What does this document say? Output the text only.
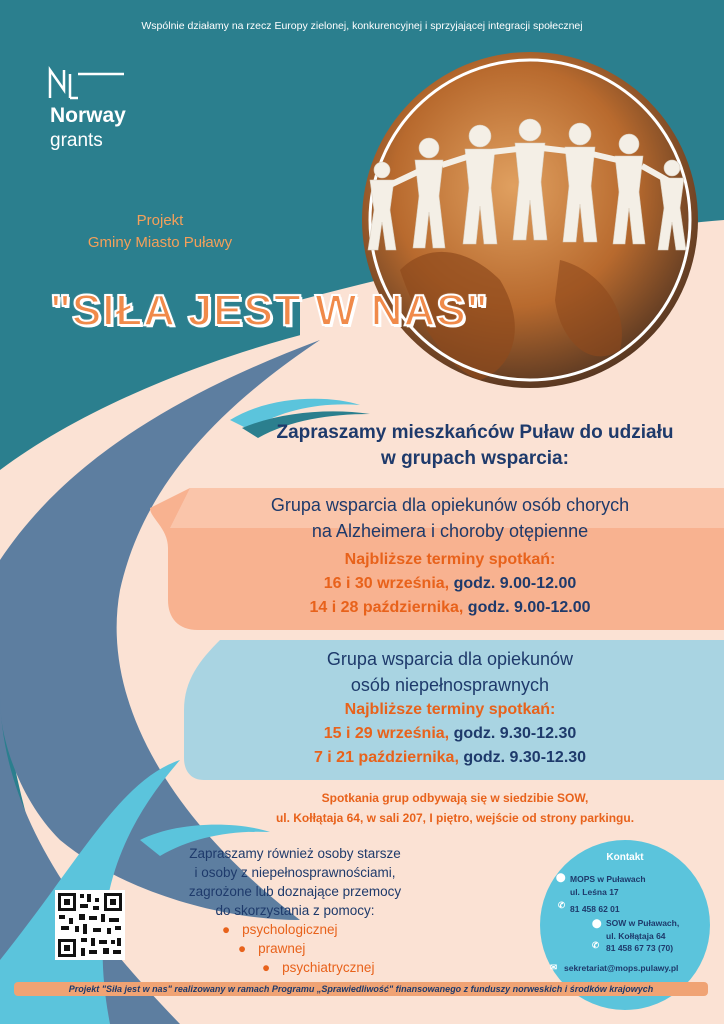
Wspólnie działamy na rzecz Europy zielonej, konkurencyjnej i sprzyjającej integracji społecznej
Norway
grants
Projekt
Gminy Miasto Puławy
"SIŁA JEST W NAS"
Zapraszamy mieszkańców Puław do udziału
w grupach wsparcia:
Grupa wsparcia dla opiekunów osób chorych
na Alzheimera i choroby otępienne
Najbliższe terminy spotkań:
16 i 30 września, godz. 9.00-12.00
14 i 28 października, godz. 9.00-12.00
Grupa wsparcia dla opiekunów
osób niepełnosprawnych
Najbliższe terminy spotkań:
15 i 29 września, godz. 9.30-12.30
7 i 21 października, godz. 9.30-12.30
Spotkania grup odbywają się w siedzibie SOW,
ul. Kołłątaja 64, w sali 207, I piętro, wejście od strony parkingu.
Zapraszamy również osoby starsze
i osoby z niepełnosprawnościami,
zagrożone lub doznające przemocy
do skorzystania z pomocy:
● psychologicznej
● prawnej
● psychiatrycznej
Kontakt
⬤ MOPS w Puławach
ul. Leśna 17
✆ 81 458 62 01
⬤ SOW w Puławach,
ul. Kołłątaja 64
✆ 81 458 67 73 (70)
✉ sekretariat@mops.pulawy.pl
Projekt "Siła jest w nas" realizowany w ramach Programu „Sprawiedliwość" finansowanego z funduszy norweskich i środków krajowych
